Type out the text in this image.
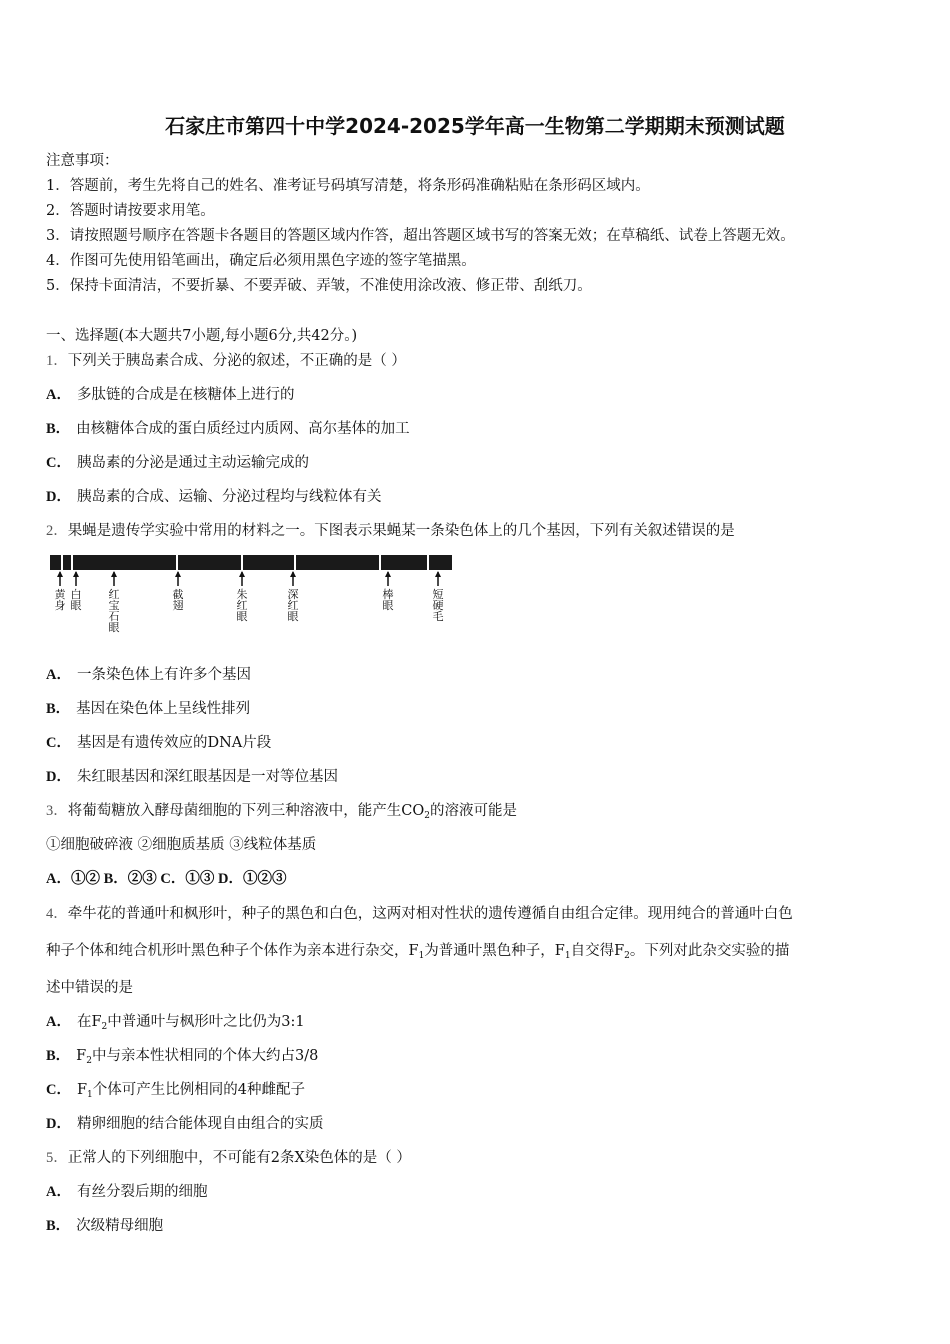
石家庄市第四十中学2024-2025学年高一生物第二学期期末预测试题
注意事项：
1．答题前，考生先将自己的姓名、准考证号码填写清楚，将条形码准确粘贴在条形码区域内。
2．答题时请按要求用笔。
3．请按照题号顺序在答题卡各题目的答题区域内作答，超出答题区域书写的答案无效；在草稿纸、试卷上答题无效。
4．作图可先使用铅笔画出，确定后必须用黑色字迹的签字笔描黑。
5．保持卡面清洁，不要折暴、不要弄破、弄皱，不准使用涂改液、修正带、刮纸刀。
一、选择题(本大题共7小题,每小题6分,共42分。)
1．下列关于胰岛素合成、分泌的叙述，不正确的是（ ）
A． 多肽链的合成是在核糖体上进行的
B． 由核糖体合成的蛋白质经过内质网、高尔基体的加工
C． 胰岛素的分泌是通过主动运输完成的
D． 胰岛素的合成、运输、分泌过程均与线粒体有关
2．果蝇是遗传学实验中常用的材料之一。下图表示果蝇某一条染色体上的几个基因，下列有关叙述错误的是
黄身
白眼
红宝石眼
截翅
朱红眼
深红眼
棒眼
短硬毛
A． 一条染色体上有许多个基因
B． 基因在染色体上呈线性排列
C． 基因是有遗传效应的DNA片段
D． 朱红眼基因和深红眼基因是一对等位基因
3．将葡萄糖放入酵母菌细胞的下列三种溶液中，能产生$CO_2$的溶液可能是
①细胞破碎液 ②细胞质基质 ③线粒体基质
A．①② B．②③ C．①③ D．①②③
4．牵牛花的普通叶和枫形叶，种子的黑色和白色，这两对相对性状的遗传遵循自由组合定律。现用纯合的普通叶白色
种子个体和纯合机形叶黑色种子个体作为亲本进行杂交，$F_1$为普通叶黑色种子，$F_1$自交得$F_2$。下列对此杂交实验的描
述中错误的是
A． 在$F_2$中普通叶与枫形叶之比仍为3:1
B． $F_2$中与亲本性状相同的个体大约占3/8
C． $F_1$个体可产生比例相同的4种雌配子
D． 精卵细胞的结合能体现自由组合的实质
5．正常人的下列细胞中，不可能有2条X染色体的是（ ）
A． 有丝分裂后期的细胞
B． 次级精母细胞
